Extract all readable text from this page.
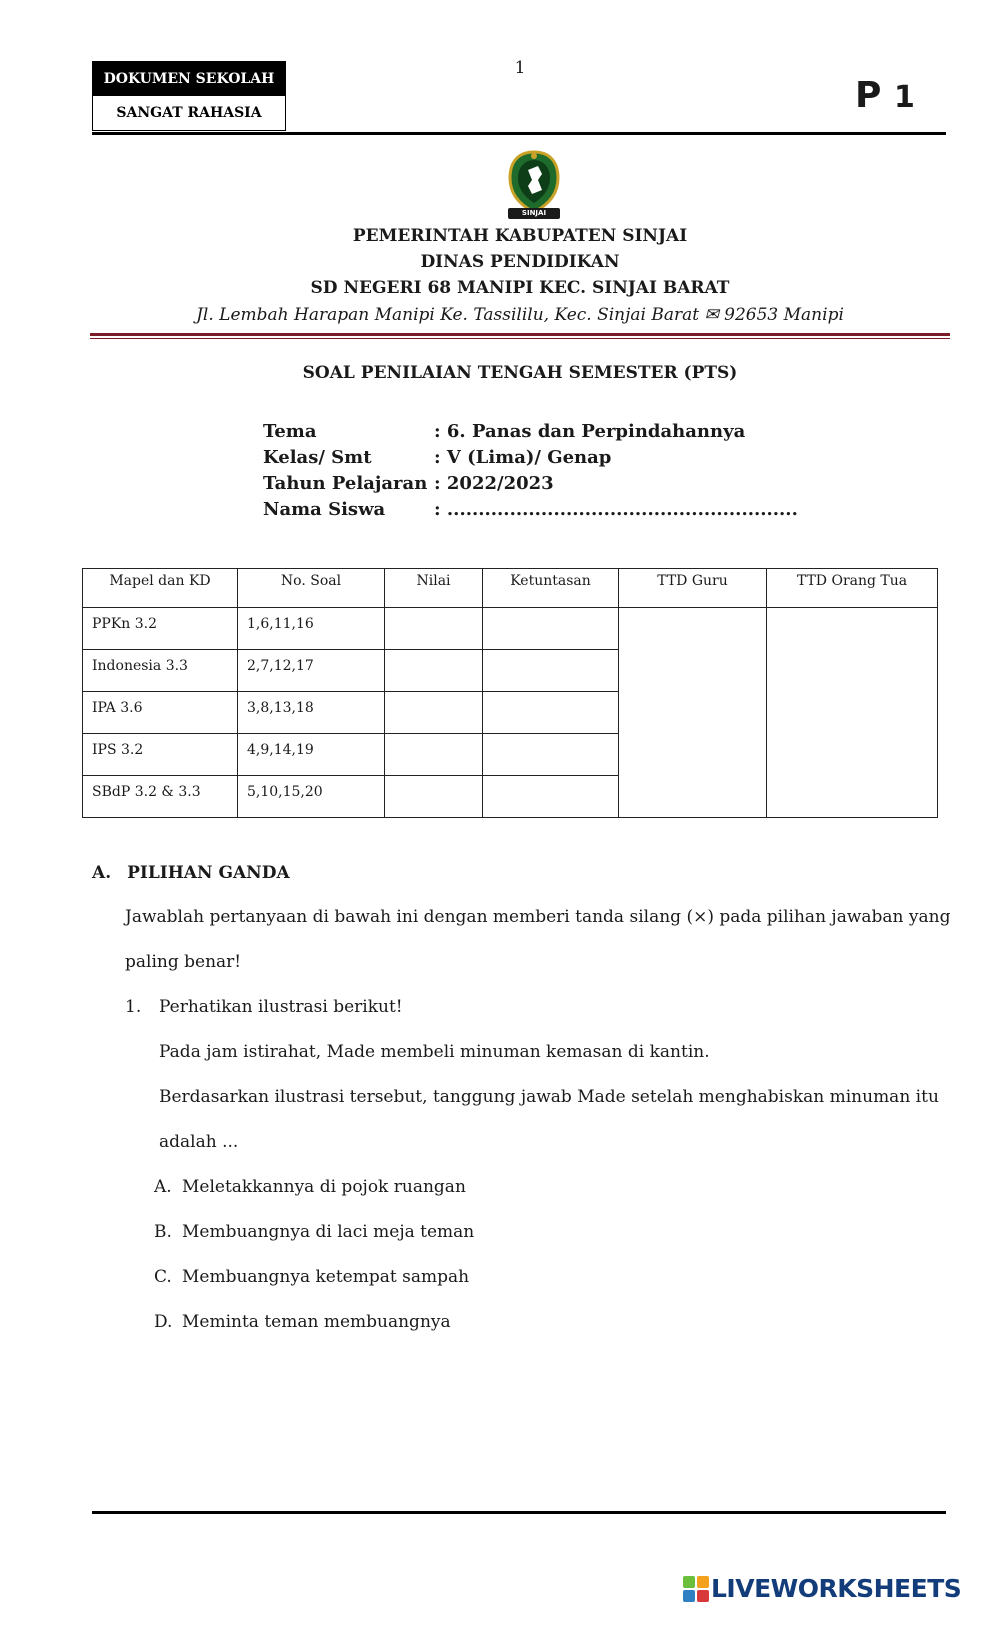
DOKUMEN SEKOLAH
SANGAT RAHASIA
1
P 1
SINJAI
PEMERINTAH KABUPATEN SINJAI
DINAS PENDIDIKAN
SD NEGERI 68 MANIPI KEC. SINJAI BARAT
Jl. Lembah Harapan Manipi Ke. Tassililu, Kec. Sinjai Barat ✉ 92653 Manipi
SOAL PENILAIAN TENGAH SEMESTER (PTS)
Tema	: 6. Panas dan Perpindahannya
Kelas/ Smt	: V (Lima)/ Genap
Tahun Pelajaran : 2022/2023
Nama Siswa	: ........................................................
Mapel dan KD	No. Soal	Nilai	Ketuntasan	TTD Guru	TTD Orang Tua
PPKn 3.2	1,6,11,16				
Indonesia 3.3	2,7,12,17				
IPA 3.6	3,8,13,18				
IPS 3.2	4,9,14,19				
SBdP 3.2 & 3.3	5,10,15,20				
A. PILIHAN GANDA
Jawablah pertanyaan di bawah ini dengan memberi tanda silang (×) pada pilihan jawaban yang
paling benar!
1. Perhatikan ilustrasi berikut!
Pada jam istirahat, Made membeli minuman kemasan di kantin.
Berdasarkan ilustrasi tersebut, tanggung jawab Made setelah menghabiskan minuman itu
adalah ...
A. Meletakkannya di pojok ruangan
B. Membuangnya di laci meja teman
C. Membuangnya ketempat sampah
D. Meminta teman membuangnya
LIVEWORKSHEETS
